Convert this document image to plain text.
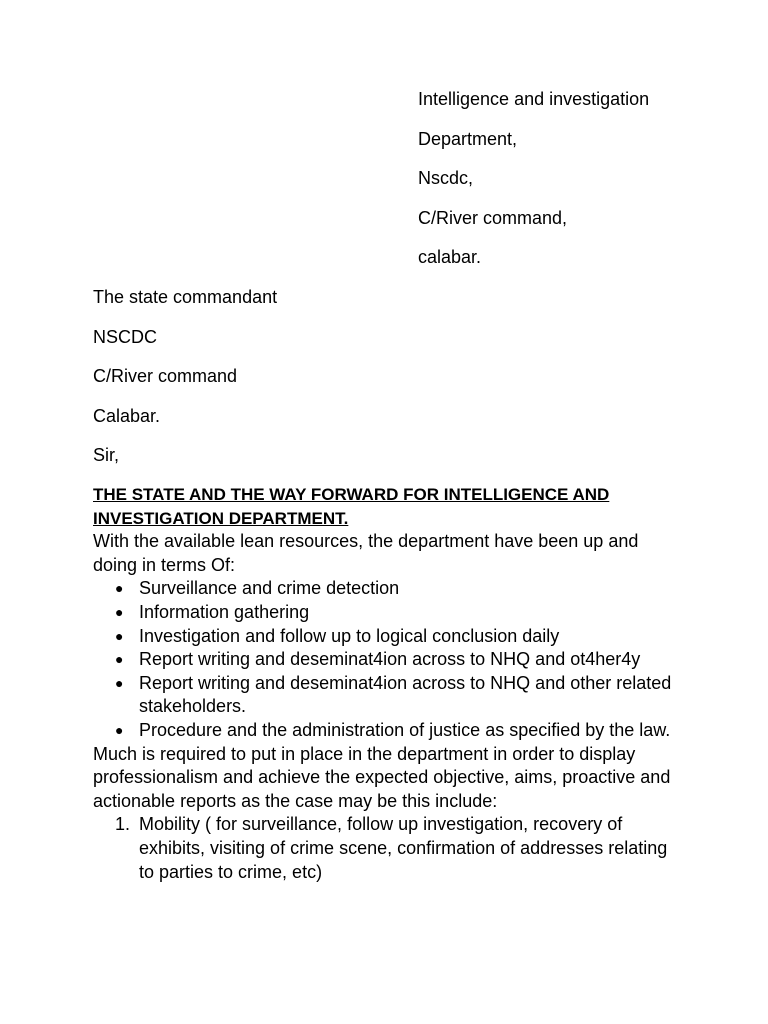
Intelligence and investigation
Department,
Nscdc,
C/River command,
calabar.
The state commandant
NSCDC
C/River command
Calabar.
Sir,

THE STATE AND THE WAY FORWARD FOR INTELLIGENCE AND INVESTIGATION DEPARTMENT.

With the available lean resources, the department have been up and doing in terms Of:

● Surveillance and crime detection
● Information gathering
● Investigation and follow up to logical conclusion daily
● Report writing and deseminat4ion across to NHQ and ot4her4y
● Report writing and deseminat4ion across to NHQ and other related stakeholders.
● Procedure and the administration of justice as specified by the law.

Much is required to put in place in the department in order to display professionalism and achieve the expected objective, aims, proactive and actionable reports as the case may be this include:

1. Mobility ( for surveillance, follow up investigation, recovery of exhibits, visiting of crime scene, confirmation of addresses relating to parties to crime, etc)
